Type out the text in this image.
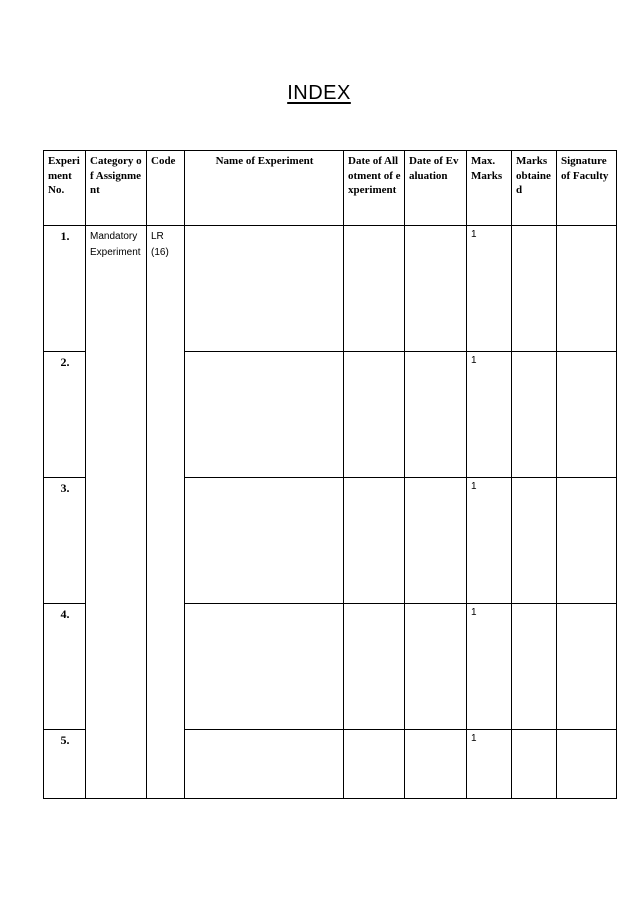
INDEX
Experiment No.	Category of Assignment	Code	Name of Experiment	Date of Allotment of experiment	Date of Evaluation	Max. Marks	Marks obtained	Signature of Faculty
1.	Mandatory Experiment	LR (16)				1		
2.						1		
3.						1		
4.						1		
5.						1		
